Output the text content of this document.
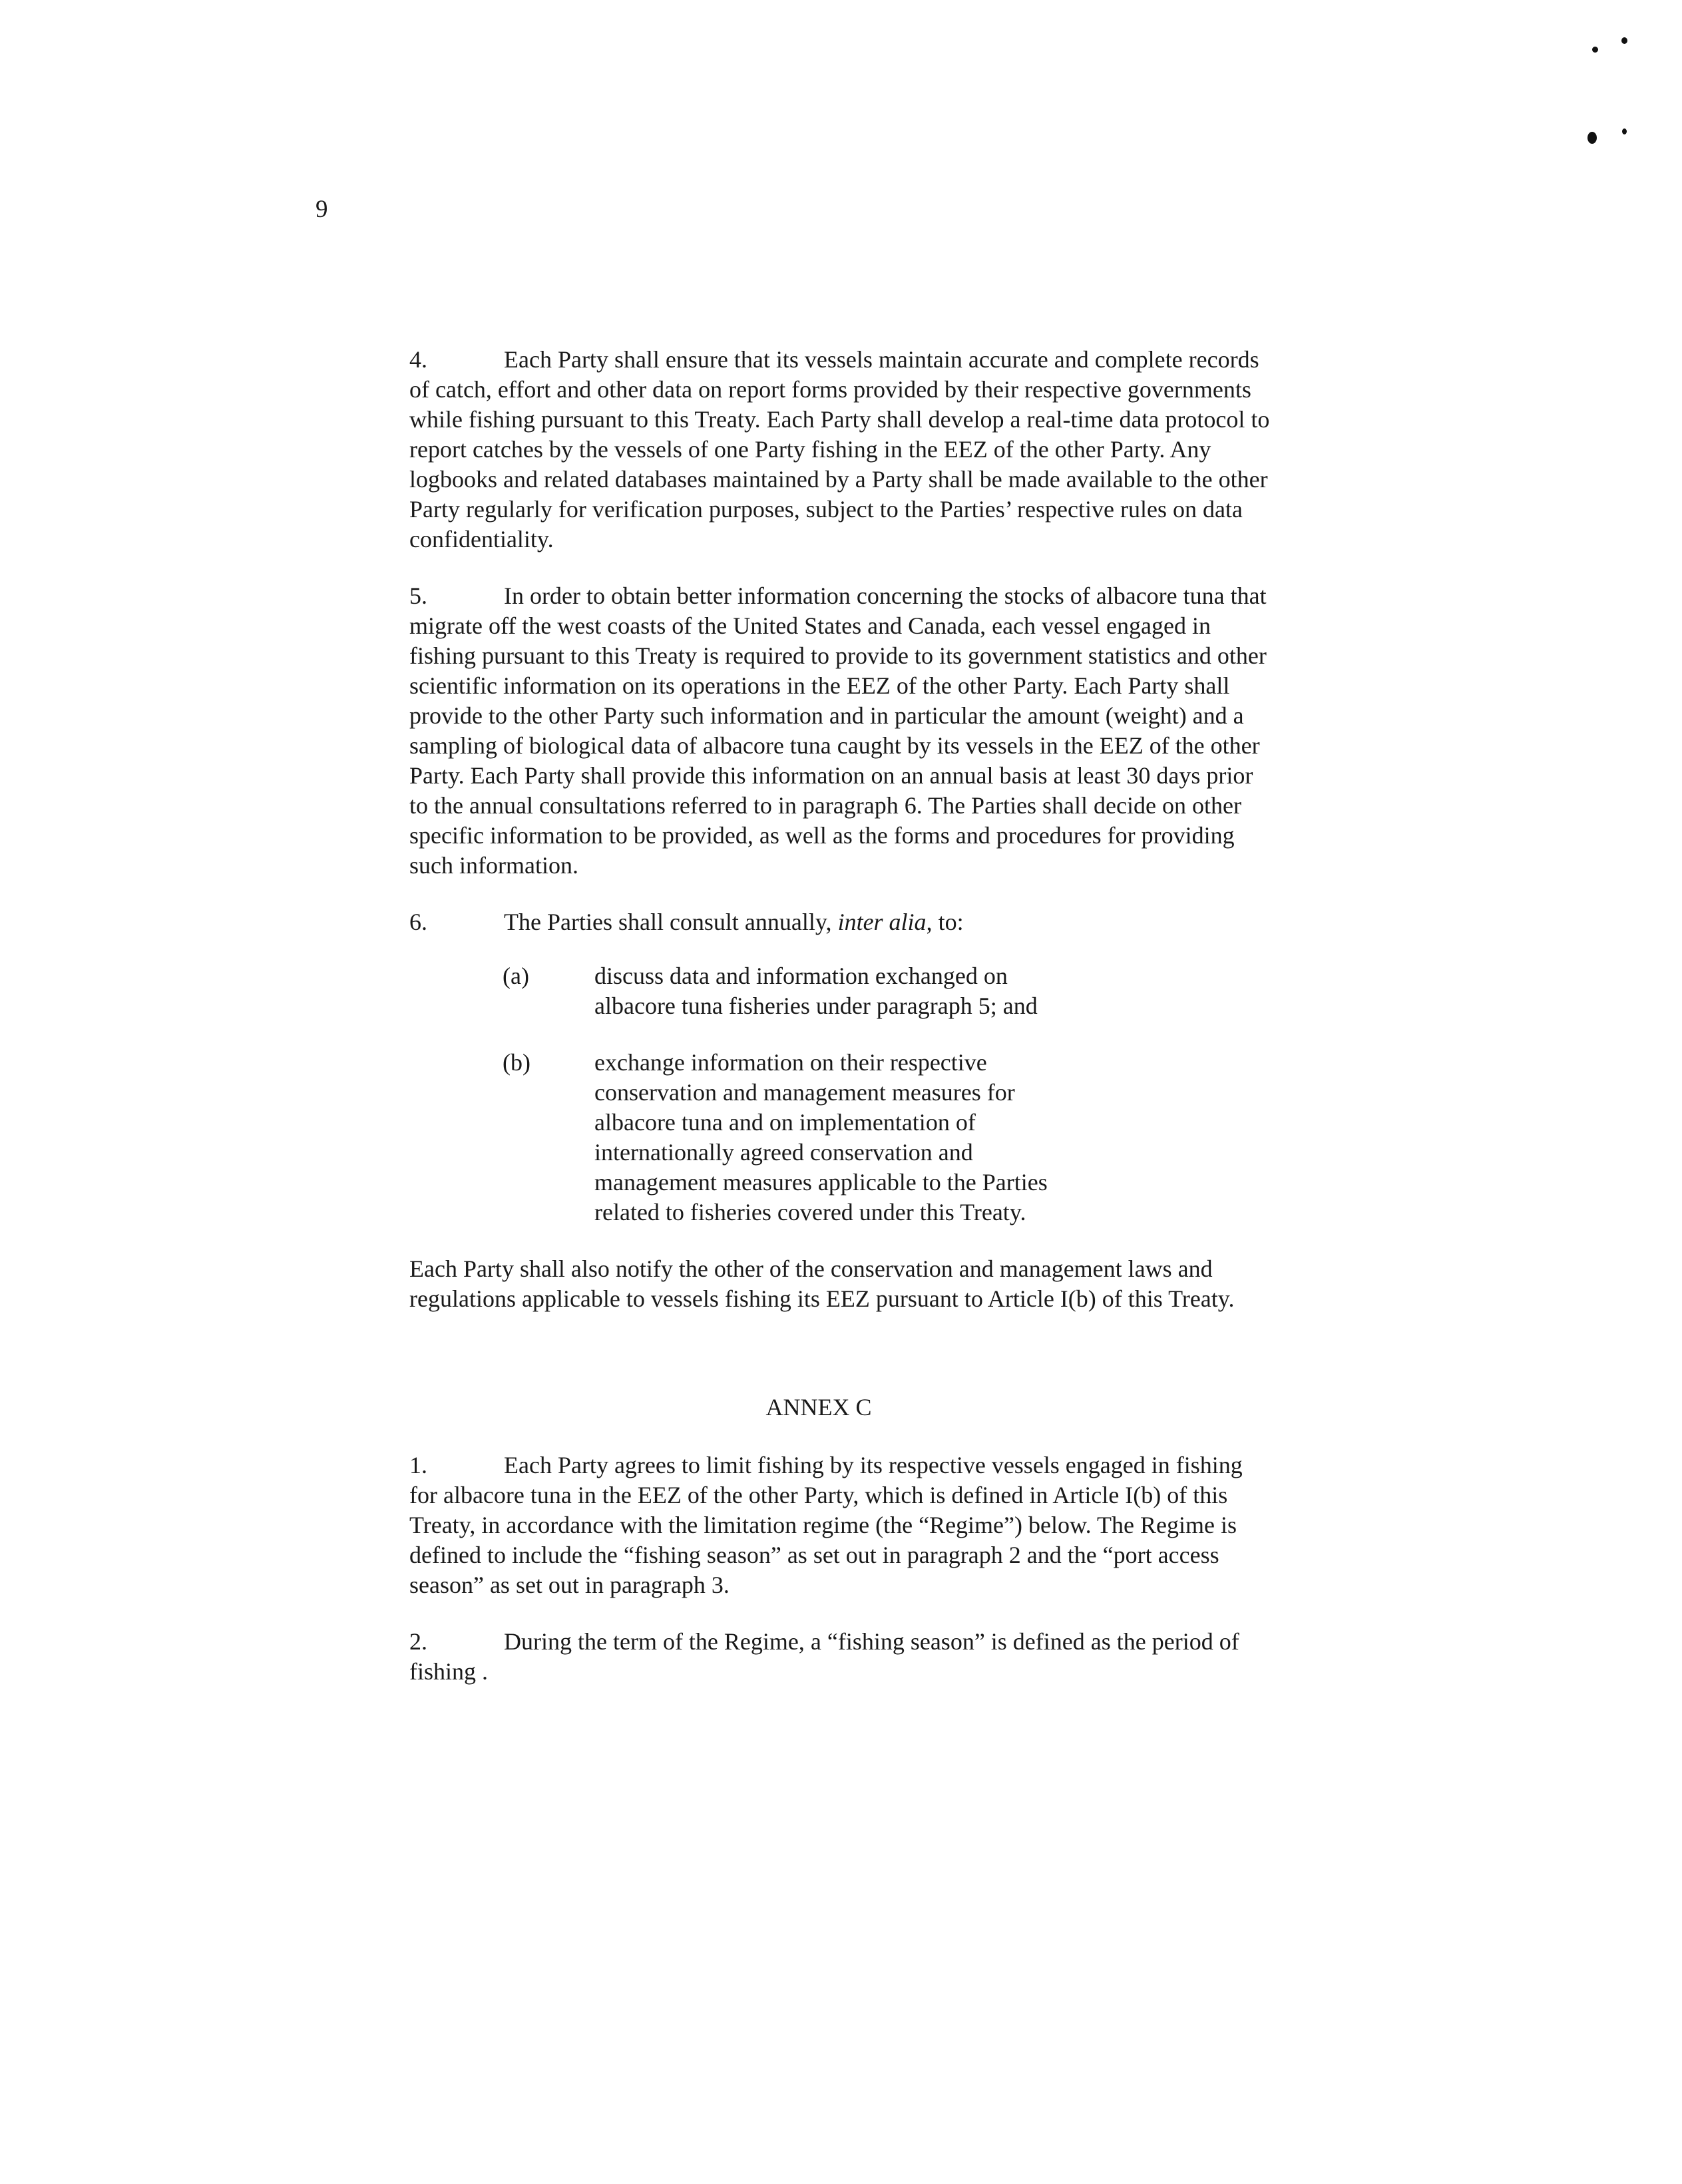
9

4.	Each Party shall ensure that its vessels maintain accurate and complete records of catch, effort and other data on report forms provided by their respective governments while fishing pursuant to this Treaty. Each Party shall develop a real-time data protocol to report catches by the vessels of one Party fishing in the EEZ of the other Party. Any logbooks and related databases maintained by a Party shall be made available to the other Party regularly for verification purposes, subject to the Parties’ respective rules on data confidentiality.

5.	In order to obtain better information concerning the stocks of albacore tuna that migrate off the west coasts of the United States and Canada, each vessel engaged in fishing pursuant to this Treaty is required to provide to its government statistics and other scientific information on its operations in the EEZ of the other Party. Each Party shall provide to the other Party such information and in particular the amount (weight) and a sampling of biological data of albacore tuna caught by its vessels in the EEZ of the other Party. Each Party shall provide this information on an annual basis at least 30 days prior to the annual consultations referred to in paragraph 6. The Parties shall decide on other specific information to be provided, as well as the forms and procedures for providing such information.

6.	The Parties shall consult annually, inter alia, to:

(a)	discuss data and information exchanged on albacore tuna fisheries under paragraph 5; and
(b)	exchange information on their respective conservation and management measures for albacore tuna and on implementation of internationally agreed conservation and management measures applicable to the Parties related to fisheries covered under this Treaty.

Each Party shall also notify the other of the conservation and management laws and regulations applicable to vessels fishing its EEZ pursuant to Article I(b) of this Treaty.

ANNEX C

1.	Each Party agrees to limit fishing by its respective vessels engaged in fishing for albacore tuna in the EEZ of the other Party, which is defined in Article I(b) of this Treaty, in accordance with the limitation regime (the “Regime”) below. The Regime is defined to include the “fishing season” as set out in paragraph 2 and the “port access season” as set out in paragraph 3.

2.	During the term of the Regime, a “fishing season” is defined as the period of fishing .
